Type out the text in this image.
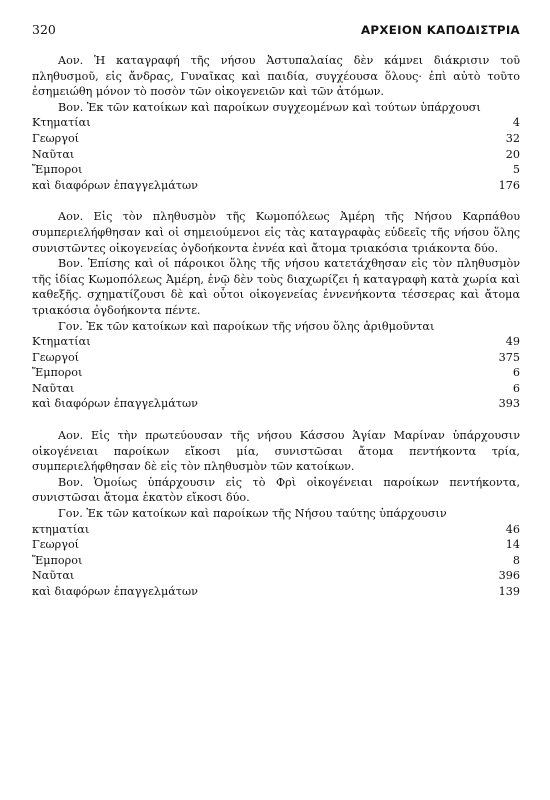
320	ΑΡΧΕΙΟΝ ΚΑΠΟΔΙΣΤΡΙΑ

Αον. Ἡ καταγραφή τῆς νήσου Ἀστυπαλαίας δὲν κάμνει διάκρισιν τοῦ πληθυσμοῦ, εἰς ἄνδρας, Γυναῖκας καὶ παιδία, συγχέουσα ὅλους· ἐπὶ αὐτὸ τοῦτο ἐσημειώθη μόνον τὸ ποσὸν τῶν οἰκογενειῶν καὶ τῶν ἀτόμων.

Βον. Ἐκ τῶν κατοίκων καὶ παροίκων συγχεομένων καὶ τούτων ὑπάρχουσι
Κτηματίαι	4
Γεωργοί	32
Ναῦται	20
Ἔμποροι	5
καὶ διαφόρων ἐπαγγελμάτων	176

Αον. Εἰς τὸν πληθυσμὸν τῆς Κωμοπόλεως Ἀμέρη τῆς Νήσου Καρπάθου συμπεριελήφθησαν καὶ οἱ σημειούμενοι εἰς τὰς καταγραφὰς εὐδεεῖς τῆς νήσου ὅλης συνιστῶντες οἰκογενείας ὀγδοήκοντα ἐννέα καὶ ἄτομα τριακόσια τριάκοντα δύο.

Βον. Ἐπίσης καὶ οἱ πάροικοι ὅλης τῆς νήσου κατετάχθησαν εἰς τὸν πληθυσμὸν τῆς ἰδίας Κωμοπόλεως Ἀμέρη, ἐνῷ δὲν τοὺς διαχωρίζει ἡ καταγραφὴ κατὰ χωρία καὶ καθεξῆς. σχηματίζουσι δὲ καὶ οὗτοι οἰκογενείας ἐννενήκοντα τέσσερας καὶ ἄτομα τριακόσια ὀγδοήκοντα πέντε.

Γον. Ἐκ τῶν κατοίκων καὶ παροίκων τῆς νήσου ὅλης ἀριθμοῦνται
Κτηματίαι	49
Γεωργοί	375
Ἔμποροι	6
Ναῦται	6
καὶ διαφόρων ἐπαγγελμάτων	393

Αον. Εἰς τὴν πρωτεύουσαν τῆς νήσου Κάσσου Ἁγίαν Μαρίναν ὑπάρχουσιν οἰκογένειαι παροίκων εἴκοσι μία, συνιστῶσαι ἄτομα πεντήκοντα τρία, συμπεριελήφθησαν δὲ εἰς τὸν πληθυσμὸν τῶν κατοίκων.

Βον. Ὁμοίως ὑπάρχουσιν εἰς τὸ Φρὶ οἰκογένειαι παροίκων πεντήκοντα, συνιστῶσαι ἄτομα ἑκατὸν εἴκοσι δύο.

Γον. Ἐκ τῶν κατοίκων καὶ παροίκων τῆς Νήσου ταύτης ὑπάρχουσιν
κτηματίαι	46
Γεωργοί	14
Ἔμποροι	8
Ναῦται	396
καὶ διαφόρων ἐπαγγελμάτων	139
